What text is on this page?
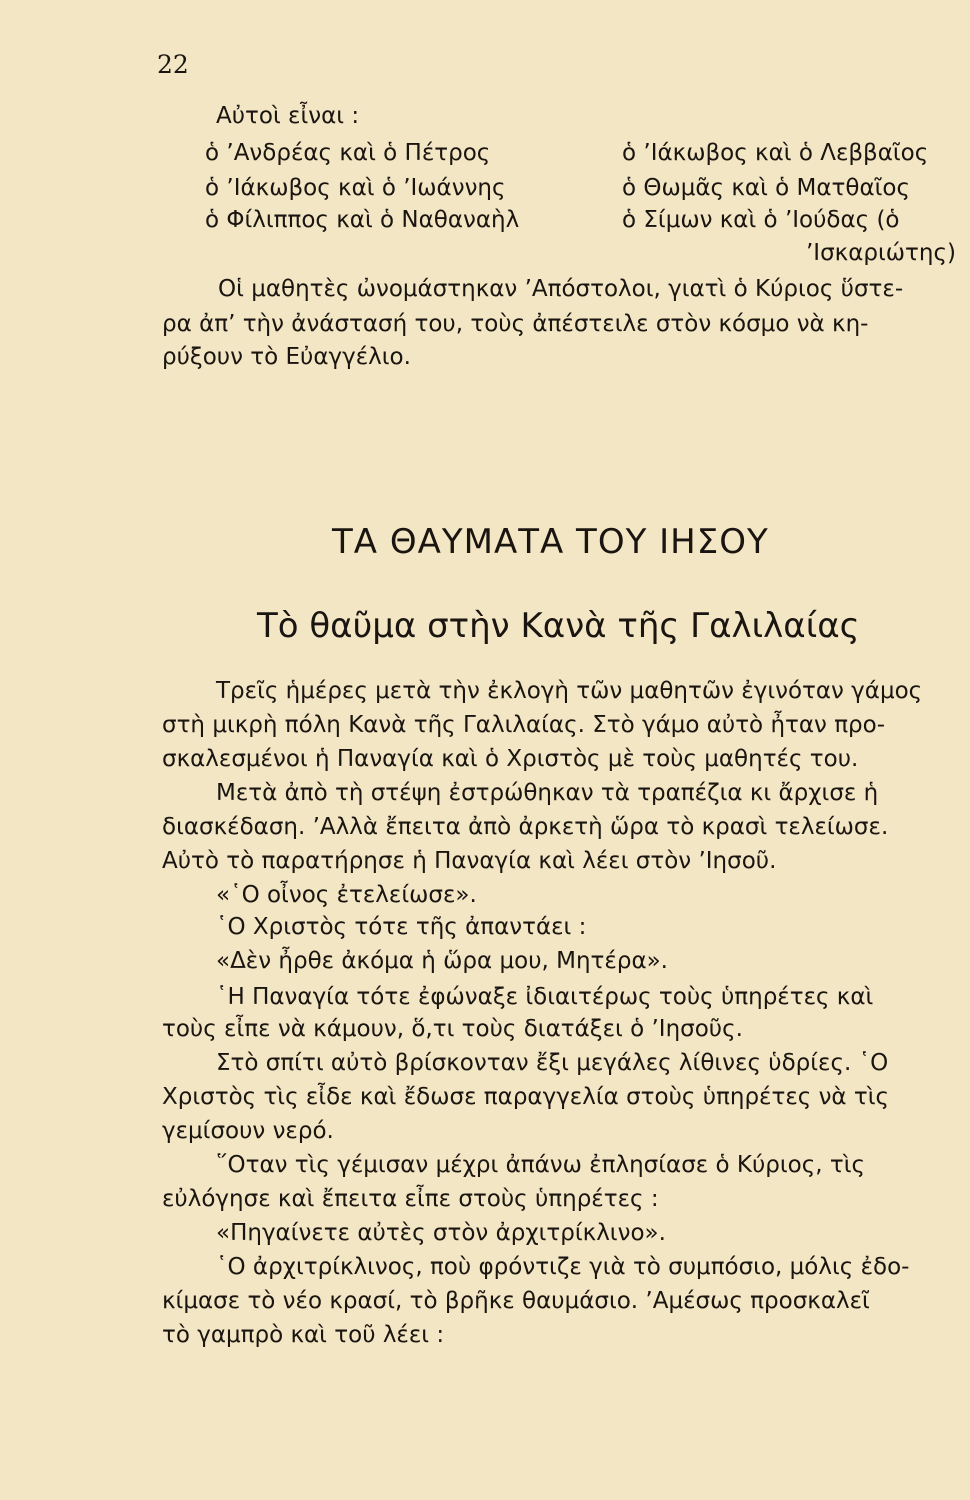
22
Αὐτοὶ εἶναι :
ὁ ’Ανδρέας καὶ ὁ Πέτρος
ὁ ’Ιάκωβος καὶ ὁ ’Ιωάννης
ὁ Φίλιππος καὶ ὁ Ναθαναὴλ
ὁ ’Ιάκωβος καὶ ὁ Λεββαῖος
ὁ Θωμᾶς καὶ ὁ Ματθαῖος
ὁ Σίμων καὶ ὁ ’Ιούδας (ὁ
’Ισκαριώτης)
Οἱ μαθητὲς ὠνομάστηκαν ’Απόστολοι, γιατὶ ὁ Κύριος ὕστε-
ρα ἀπ’ τὴν ἀνάστασή του, τοὺς ἀπέστειλε στὸν κόσμο νὰ κη-
ρύξουν τὸ Εὐαγγέλιο.
ΤΑ ΘΑΥΜΑΤΑ ΤΟΥ ΙΗΣΟΥ
Τὸ θαῦμα στὴν Κανὰ τῆς Γαλιλαίας
Τρεῖς ἡμέρες μετὰ τὴν ἐκλογὴ τῶν μαθητῶν ἐγινόταν γάμος
στὴ μικρὴ πόλη Κανὰ τῆς Γαλιλαίας. Στὸ γάμο αὐτὸ ἦταν προ-
σκαλεσμένοι ἡ Παναγία καὶ ὁ Χριστὸς μὲ τοὺς μαθητές του.
Μετὰ ἀπὸ τὴ στέψη ἐστρώθηκαν τὰ τραπέζια κι ἄρχισε ἡ
διασκέδαση. ’Αλλὰ ἔπειτα ἀπὸ ἀρκετὴ ὥρα τὸ κρασὶ τελείωσε.
Αὐτὸ τὸ παρατήρησε ἡ Παναγία καὶ λέει στὸν ’Ιησοῦ.
«῾Ο οἶνος ἐτελείωσε».
῾Ο Χριστὸς τότε τῆς ἀπαντάει :
«Δὲν ἦρθε ἀκόμα ἡ ὥρα μου, Μητέρα».
῾Η Παναγία τότε ἐφώναξε ἰδιαιτέρως τοὺς ὑπηρέτες καὶ
τοὺς εἶπε νὰ κάμουν, ὅ,τι τοὺς διατάξει ὁ ’Ιησοῦς.
Στὸ σπίτι αὐτὸ βρίσκονταν ἔξι μεγάλες λίθινες ὑδρίες. ῾Ο
Χριστὸς τὶς εἶδε καὶ ἔδωσε παραγγελία στοὺς ὑπηρέτες νὰ τὶς
γεμίσουν νερό.
῞Οταν τὶς γέμισαν μέχρι ἀπάνω ἐπλησίασε ὁ Κύριος, τὶς
εὐλόγησε καὶ ἔπειτα εἶπε στοὺς ὑπηρέτες :
«Πηγαίνετε αὐτὲς στὸν ἀρχιτρίκλινο».
῾Ο ἀρχιτρίκλινος, ποὺ φρόντιζε γιὰ τὸ συμπόσιο, μόλις ἐδο-
κίμασε τὸ νέο κρασί, τὸ βρῆκε θαυμάσιο. ’Αμέσως προσκαλεῖ
τὸ γαμπρὸ καὶ τοῦ λέει :
